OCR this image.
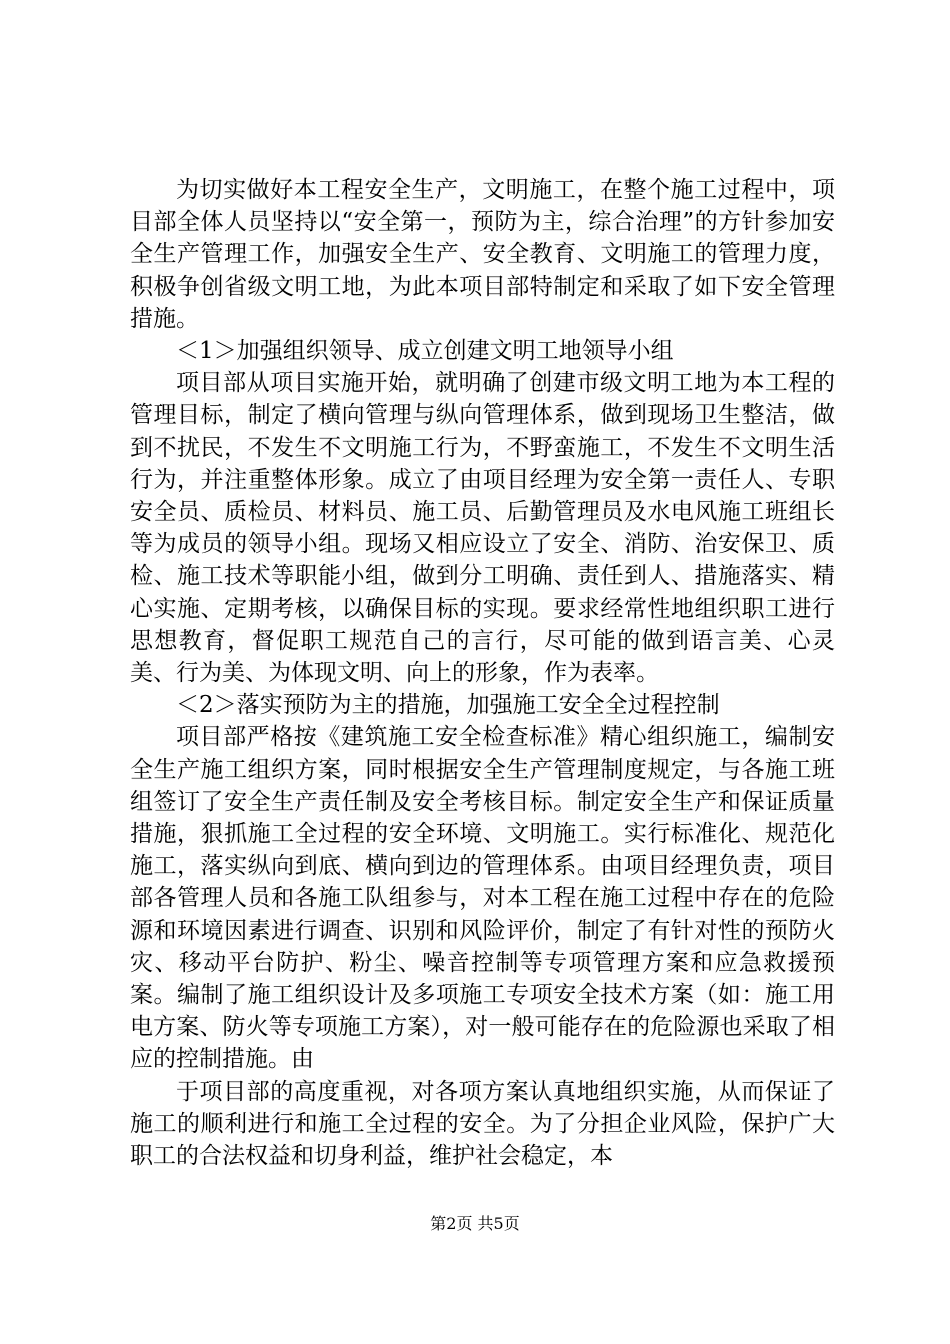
为切实做好本工程安全生产，文明施工，在整个施工过程中，项目部全体人员坚持以“安全第一，预防为主，综合治理”的方针参加安全生产管理工作，加强安全生产、安全教育、文明施工的管理力度，积极争创省级文明工地，为此本项目部特制定和采取了如下安全管理措施。

＜1＞加强组织领导、成立创建文明工地领导小组

项目部从项目实施开始，就明确了创建市级文明工地为本工程的管理目标，制定了横向管理与纵向管理体系，做到现场卫生整洁，做到不扰民，不发生不文明施工行为，不野蛮施工，不发生不文明生活行为，并注重整体形象。成立了由项目经理为安全第一责任人、专职安全员、质检员、材料员、施工员、后勤管理员及水电风施工班组长等为成员的领导小组。现场又相应设立了安全、消防、治安保卫、质检、施工技术等职能小组，做到分工明确、责任到人、措施落实、精心实施、定期考核，以确保目标的实现。要求经常性地组织职工进行思想教育，督促职工规范自己的言行，尽可能的做到语言美、心灵美、行为美、为体现文明、向上的形象，作为表率。

＜2＞落实预防为主的措施，加强施工安全全过程控制

项目部严格按《建筑施工安全检查标准》精心组织施工，编制安全生产施工组织方案，同时根据安全生产管理制度规定，与各施工班组签订了安全生产责任制及安全考核目标。制定安全生产和保证质量措施，狠抓施工全过程的安全环境、文明施工。实行标准化、规范化施工，落实纵向到底、横向到边的管理体系。由项目经理负责，项目部各管理人员和各施工队组参与，对本工程在施工过程中存在的危险源和环境因素进行调查、识别和风险评价，制定了有针对性的预防火灾、移动平台防护、粉尘、噪音控制等专项管理方案和应急救援预案。编制了施工组织设计及多项施工专项安全技术方案（如：施工用电方案、防火等专项施工方案），对一般可能存在的危险源也采取了相应的控制措施。由

于项目部的高度重视，对各项方案认真地组织实施，从而保证了施工的顺利进行和施工全过程的安全。为了分担企业风险，保护广大职工的合法权益和切身利益，维护社会稳定，本

第2页 共5页
